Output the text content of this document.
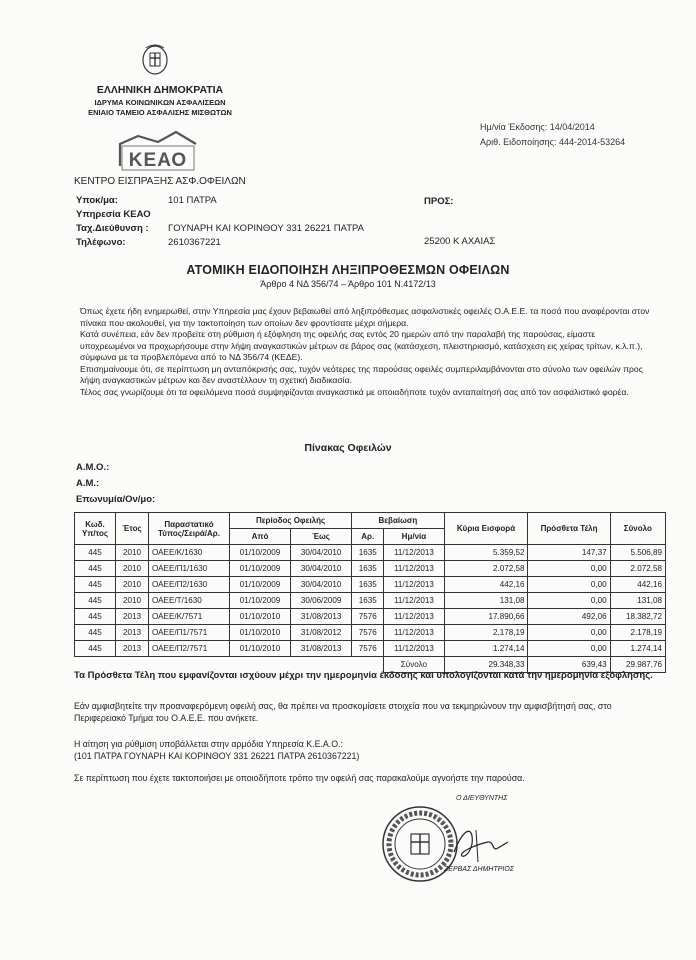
ΕΛΛΗΝΙΚΗ ΔΗΜΟΚΡΑΤΙΑ
ΙΔΡΥΜΑ ΚΟΙΝΩΝΙΚΩΝ ΑΣΦΑΛΙΣΕΩΝ
ΕΝΙΑΙΟ ΤΑΜΕΙΟ ΑΣΦΑΛΙΣΗΣ ΜΙΣΘΩΤΩΝ
ΚΕΑΟ
ΚΕΝΤΡΟ ΕΙΣΠΡΑΞΗΣ ΑΣΦ.ΟΦΕΙΛΩΝ
Ημ/νία Έκδοσης: 14/04/2014
Αριθ. Ειδοποίησης: 444-2014-53264
Υποκ/μα:	101 ΠΑΤΡΑ
Υπηρεσία ΚΕΑΟ
Ταχ.Διεύθυνση :	ΓΟΥΝΑΡΗ ΚΑΙ ΚΟΡΙΝΘΟΥ 331 26221 ΠΑΤΡΑ
Τηλέφωνο:	2610367221
ΠΡΟΣ:
25200 Κ ΑΧΑΙΑΣ
ΑΤΟΜΙΚΗ ΕΙΔΟΠΟΙΗΣΗ ΛΗΞΙΠΡΟΘΕΣΜΩΝ ΟΦΕΙΛΩΝ
Άρθρο 4 ΝΔ 356/74 – Άρθρο 101 Ν.4172/13

Όπως έχετε ήδη ενημερωθεί, στην Υπηρεσία μας έχουν βεβαιωθεί από ληξιπρόθεσμες ασφαλιστικές οφειλές Ο.Α.Ε.Ε. τα ποσά που αναφέρονται στον πίνακα που ακολουθεί, για την τακτοποίηση των οποίων δεν φροντίσατε μέχρι σήμερα.

Κατά συνέπεια, εάν δεν προβείτε στη ρύθμιση ή εξόφληση της οφειλής σας εντός 20 ημερών από την παραλαβή της παρούσας, είμαστε υποχρεωμένοι να προχωρήσουμε στην λήψη αναγκαστικών μέτρων σε βάρος σας (κατάσχεση, πλειστηριασμό, κατάσχεση εις χείρας τρίτων, κ.λ.π.), σύμφωνα με τα προβλεπόμενα από το ΝΔ 356/74 (ΚΕΔΕ).

Επισημαίνουμε ότι, σε περίπτωση μη ανταπόκρισής σας, τυχόν νεότερες της παρούσας οφειλές συμπεριλαμβάνονται στο σύνολο των οφειλών προς λήψη αναγκαστικών μέτρων και δεν αναστέλλουν τη σχετική διαδικασία.

Τέλος σας γνωρίζουμε ότι τα οφειλόμενα ποσά συμψηφίζονται αναγκαστικά με οποιαδήποτε τυχόν ανταπαίτησή σας από τον ασφαλιστικό φορέα.

Πίνακας Οφειλών
Α.Μ.Ο.:
Α.Μ.:
Επωνυμία/Ον/μο:
Κωδ. Υπ/τος	Έτος	Παραστατικό Τύπος/Σειρά/Αρ.	Περίοδος Οφειλής		Βεβαίωση		Κύρια Εισφορά	Πρόσθετα Τέλη	Σύνολο
			Από	Έως	Αρ.	Ημ/νία			
445	2010	ΟΑΕΕ/Κ/1630	01/10/2009	30/04/2010	1635	11/12/2013	5.359,52	147,37	5.506,89
445	2010	ΟΑΕΕ/Π1/1630	01/10/2009	30/04/2010	1635	11/12/2013	2.072,58	0,00	2.072,58
445	2010	ΟΑΕΕ/Π2/1630	01/10/2009	30/04/2010	1635	11/12/2013	442,16	0,00	442,16
445	2010	ΟΑΕΕ/Τ/1630	01/10/2009	30/06/2009	1635	11/12/2013	131,08	0,00	131,08
445	2013	ΟΑΕΕ/Κ/7571	01/10/2010	31/08/2013	7576	11/12/2013	17.890,66	492,06	18.382,72
445	2013	ΟΑΕΕ/Π1/7571	01/10/2010	31/08/2012	7576	11/12/2013	2.178,19	0,00	2.178,19
445	2013	ΟΑΕΕ/Π2/7571	01/10/2010	31/08/2013	7576	11/12/2013	1.274,14	0,00	1.274,14
						Σύνολο	29.348,33	639,43	29.987,76
Τα Πρόσθετα Τέλη που εμφανίζονται ισχύουν μέχρι την ημερομηνία έκδοσης και υπολογίζονται κατά την ημερομηνία εξόφλησης.
Εάν αμφισβητείτε την προαναφερόμενη οφειλή σας, θα πρέπει να προσκομίσετε στοιχεία που να τεκμηριώνουν την αμφισβήτησή σας, στο Περιφερειακό Τμήμα του Ο.Α.Ε.Ε. που ανήκετε.
Η αίτηση για ρύθμιση υποβάλλεται στην αρμόδια Υπηρεσία Κ.Ε.Α.Ο.:
(101 ΠΑΤΡΑ ΓΟΥΝΑΡΗ ΚΑΙ ΚΟΡΙΝΘΟΥ 331 26221 ΠΑΤΡΑ 2610367221)
Σε περίπτωση που έχετε τακτοποιήσει με οποιοδήποτε τρόπο την οφειλή σας παρακαλούμε αγνοήστε την παρούσα.
Ο ΔΙΕΥΘΥΝΤΗΣ
ΖΕΡΒΑΣ ΔΗΜΗΤΡΙΟΣ
